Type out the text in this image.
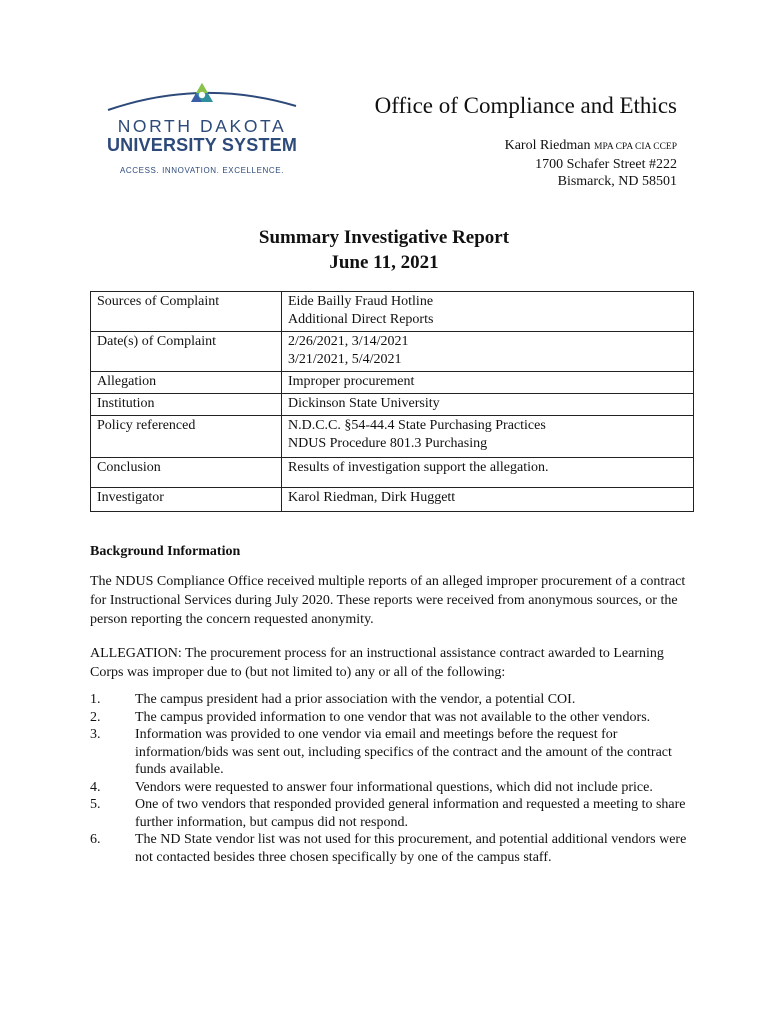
NORTH DAKOTA
UNIVERSITY SYSTEM
ACCESS. INNOVATION. EXCELLENCE.
Office of Compliance and Ethics
Karol Riedman MPA CPA CIA CCEP
1700 Schafer Street #222
Bismarck, ND 58501
Summary Investigative Report
June 11, 2021
Sources of Complaint	Eide Bailly Fraud Hotline
Additional Direct Reports

Date(s) of Complaint	2/26/2021, 3/14/2021
3/21/2021, 5/4/2021

Allegation	Improper procurement
Institution	Dickinson State University
Policy referenced	N.D.C.C. §54-44.4 State Purchasing Practices
NDUS Procedure 801.3 Purchasing

Conclusion	Results of investigation support the allegation.
Investigator	Karol Riedman, Dirk Huggett
Background Information
The NDUS Compliance Office received multiple reports of an alleged improper procurement of a contract for Instructional Services during July 2020. These reports were received from anonymous sources, or the person reporting the concern requested anonymity.
ALLEGATION: The procurement process for an instructional assistance contract awarded to Learning Corps was improper due to (but not limited to) any or all of the following:
1. The campus president had a prior association with the vendor, a potential COI.
2. The campus provided information to one vendor that was not available to the other vendors.
3. Information was provided to one vendor via email and meetings before the request for information/bids was sent out, including specifics of the contract and the amount of the contract funds available.
4. Vendors were requested to answer four informational questions, which did not include price.
5. One of two vendors that responded provided general information and requested a meeting to share further information, but campus did not respond.
6. The ND State vendor list was not used for this procurement, and potential additional vendors were not contacted besides three chosen specifically by one of the campus staff.
